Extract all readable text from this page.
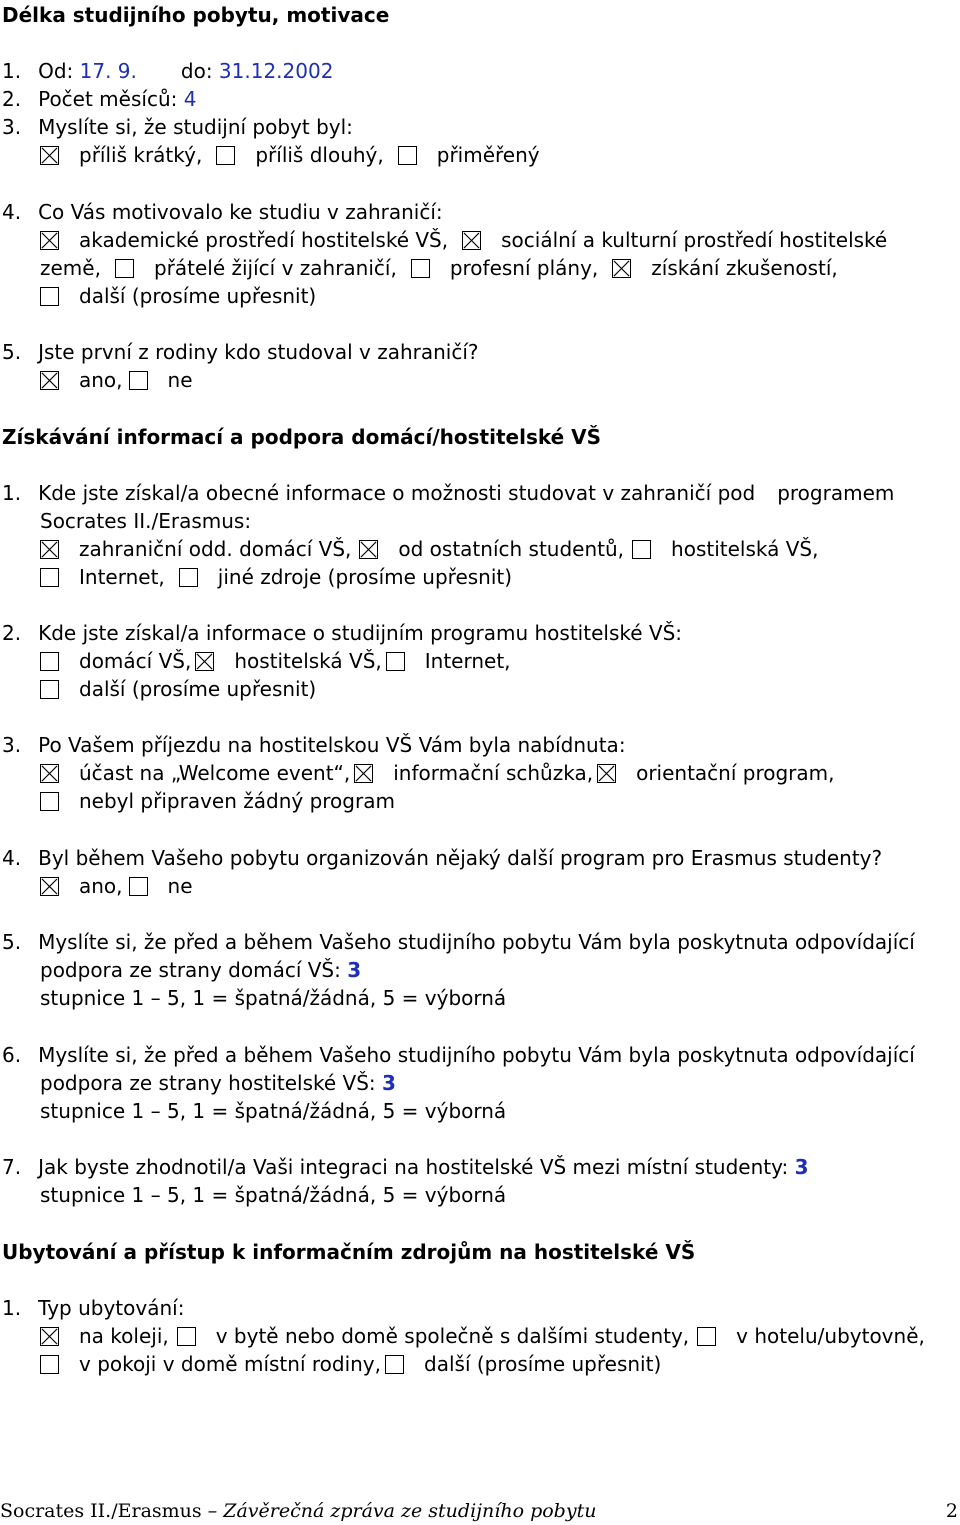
Délka studijního pobytu, motivace
1. Od: 17. 9. do: 31.12.2002
2. Počet měsíců: 4
3. Myslíte si, že studijní pobyt byl:
příliš krátký,	příliš dlouhý,	přiměřený
4. Co Vás motivovalo ke studiu v zahraničí:
akademické prostředí hostitelské VŠ,	sociální a kulturní prostředí hostitelské
země,	přátelé žijící v zahraničí,	profesní plány,	získání zkušeností,
další (prosíme upřesnit)
5. Jste první z rodiny kdo studoval v zahraničí?
ano, ne
Získávání informací a podpora domácí/hostitelské VŠ
1. Kde jste získal/a obecné informace o možnosti studovat v zahraničí pod programem
Socrates II./Erasmus:
zahraniční odd. domácí VŠ, od ostatních studentů, hostitelská VŠ,
Internet,	jiné zdroje (prosíme upřesnit)
2. Kde jste získal/a informace o studijním programu hostitelské VŠ:
domácí VŠ, hostitelská VŠ, Internet,
další (prosíme upřesnit)
3. Po Vašem příjezdu na hostitelskou VŠ Vám byla nabídnuta:
účast na „Welcome event“, informační schůzka, orientační program,
nebyl připraven žádný program
4. Byl během Vašeho pobytu organizován nějaký další program pro Erasmus studenty?
ano, ne
5. Myslíte si, že před a během Vašeho studijního pobytu Vám byla poskytnuta odpovídající
podpora ze strany domácí VŠ: 3
stupnice 1 – 5, 1 = špatná/žádná, 5 = výborná
6. Myslíte si, že před a během Vašeho studijního pobytu Vám byla poskytnuta odpovídající
podpora ze strany hostitelské VŠ: 3
stupnice 1 – 5, 1 = špatná/žádná, 5 = výborná
7. Jak byste zhodnotil/a Vaši integraci na hostitelské VŠ mezi místní studenty: 3
stupnice 1 – 5, 1 = špatná/žádná, 5 = výborná
Ubytování a přístup k informačním zdrojům na hostitelské VŠ
1. Typ ubytování:
na koleji, v bytě nebo domě společně s dalšími studenty, v hotelu/ubytovně,
v pokoji v domě místní rodiny, další (prosíme upřesnit)
Socrates II./Erasmus – Závěrečná zpráva ze studijního pobytu	2
